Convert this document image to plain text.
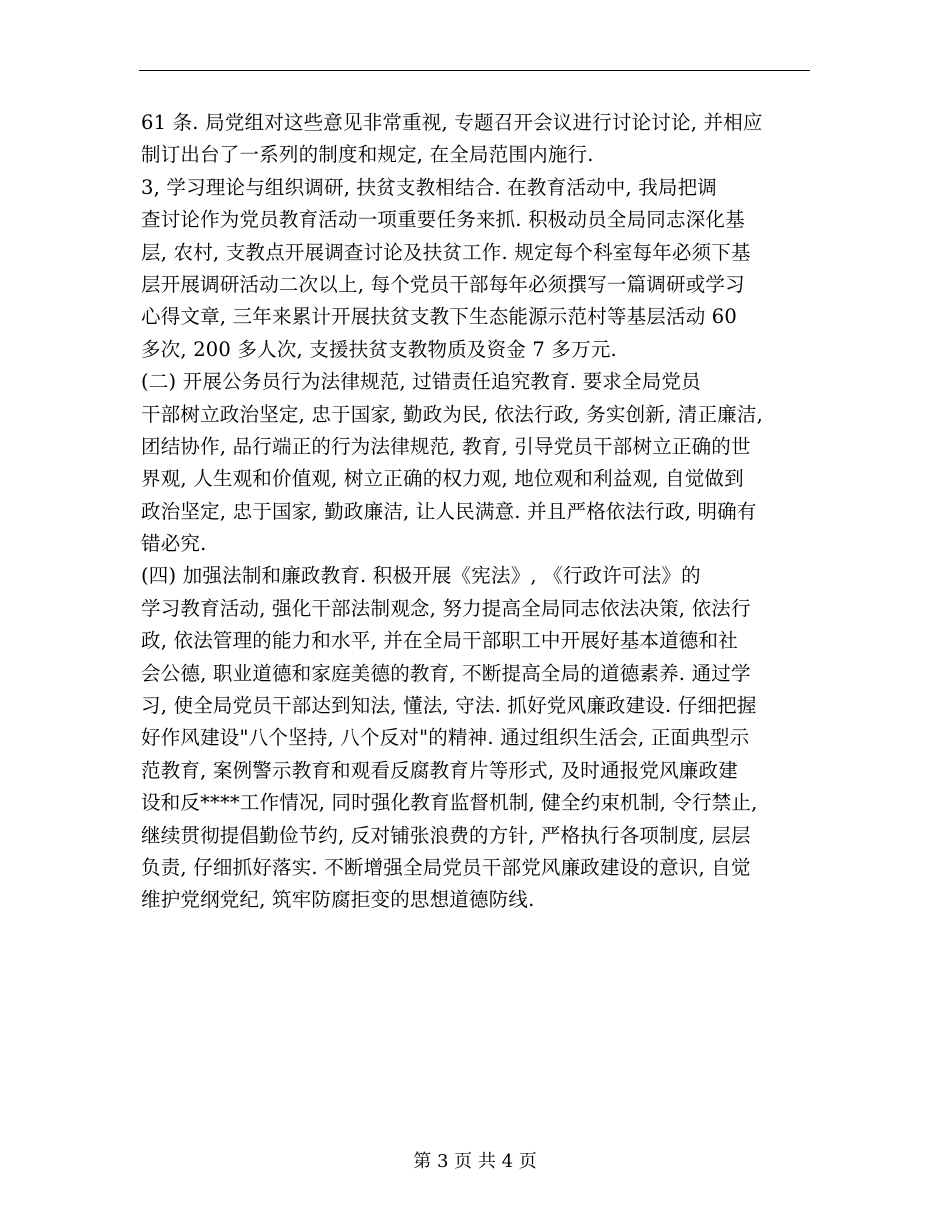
61 条. 局党组对这些意见非常重视, 专题召开会议进行讨论讨论, 并相应
制订出台了一系列的制度和规定, 在全局范围内施行.
3, 学习理论与组织调研, 扶贫支教相结合. 在教育活动中, 我局把调
查讨论作为党员教育活动一项重要任务来抓. 积极动员全局同志深化基
层, 农村, 支教点开展调查讨论及扶贫工作. 规定每个科室每年必须下基
层开展调研活动二次以上, 每个党员干部每年必须撰写一篇调研或学习
心得文章, 三年来累计开展扶贫支教下生态能源示范村等基层活动 60
多次, 200 多人次, 支援扶贫支教物质及资金 7 多万元.
(二) 开展公务员行为法律规范, 过错责任追究教育. 要求全局党员
干部树立政治坚定, 忠于国家, 勤政为民, 依法行政, 务实创新, 清正廉洁,
团结协作, 品行端正的行为法律规范, 教育, 引导党员干部树立正确的世
界观, 人生观和价值观, 树立正确的权力观, 地位观和利益观, 自觉做到
政治坚定, 忠于国家, 勤政廉洁, 让人民满意. 并且严格依法行政, 明确有
错必究.
(四) 加强法制和廉政教育. 积极开展《宪法》, 《行政许可法》的
学习教育活动, 强化干部法制观念, 努力提高全局同志依法决策, 依法行
政, 依法管理的能力和水平, 并在全局干部职工中开展好基本道德和社
会公德, 职业道德和家庭美德的教育, 不断提高全局的道德素养. 通过学
习, 使全局党员干部达到知法, 懂法, 守法. 抓好党风廉政建设. 仔细把握
好作风建设"八个坚持, 八个反对"的精神. 通过组织生活会, 正面典型示
范教育, 案例警示教育和观看反腐教育片等形式, 及时通报党风廉政建
设和反****工作情况, 同时强化教育监督机制, 健全约束机制, 令行禁止,
继续贯彻提倡勤俭节约, 反对铺张浪费的方针, 严格执行各项制度, 层层
负责, 仔细抓好落实. 不断增强全局党员干部党风廉政建设的意识, 自觉
维护党纲党纪, 筑牢防腐拒变的思想道德防线.
第 3 页 共 4 页
